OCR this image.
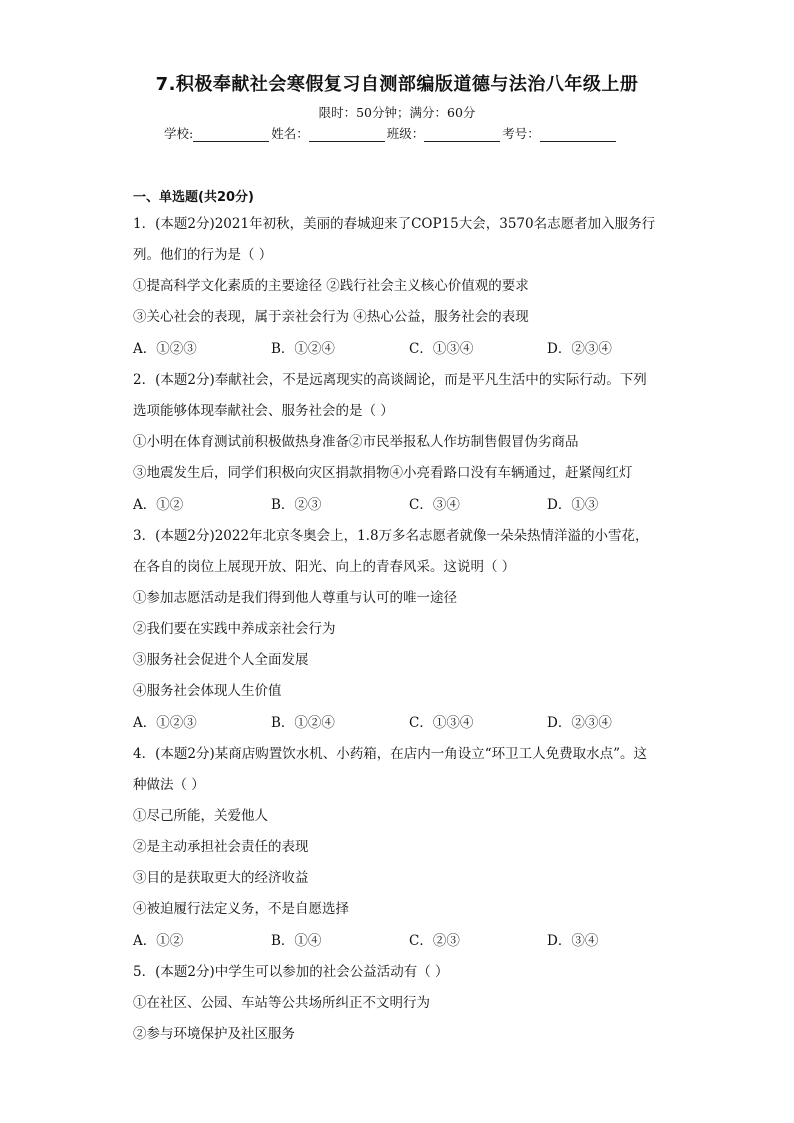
7.积极奉献社会寒假复习自测部编版道德与法治八年级上册
限时：50分钟；满分：60分
学校:	姓名：	班级：	考号：
一、单选题(共20分)
1．(本题2分)2021年初秋，美丽的春城迎来了COP15大会，3570名志愿者加入服务行
列。他们的行为是（ ）
①提高科学文化素质的主要途径 ②践行社会主义核心价值观的要求
③关心社会的表现，属于亲社会行为 ④热心公益，服务社会的表现
A．①②③	B．①②④	C．①③④	D．②③④
2．(本题2分)奉献社会，不是远离现实的高谈阔论，而是平凡生活中的实际行动。下列
选项能够体现奉献社会、服务社会的是（ ）
①小明在体育测试前积极做热身准备②市民举报私人作坊制售假冒伪劣商品
③地震发生后，同学们积极向灾区捐款捐物④小亮看路口没有车辆通过，赶紧闯红灯
A．①②	B．②③	C．③④	D．①③
3．(本题2分)2022年北京冬奥会上，1.8万多名志愿者就像一朵朵热情洋溢的小雪花，
在各自的岗位上展现开放、阳光、向上的青春风采。这说明（ ）
①参加志愿活动是我们得到他人尊重与认可的唯一途径
②我们要在实践中养成亲社会行为
③服务社会促进个人全面发展
④服务社会体现人生价值
A．①②③	B．①②④	C．①③④	D．②③④
4．(本题2分)某商店购置饮水机、小药箱，在店内一角设立“环卫工人免费取水点”。这
种做法（ ）
①尽己所能，关爱他人
②是主动承担社会责任的表现
③目的是获取更大的经济收益
④被迫履行法定义务，不是自愿选择
A．①②	B．①④	C．②③	D．③④
5．(本题2分)中学生可以参加的社会公益活动有（ ）
①在社区、公园、车站等公共场所纠正不文明行为
②参与环境保护及社区服务
